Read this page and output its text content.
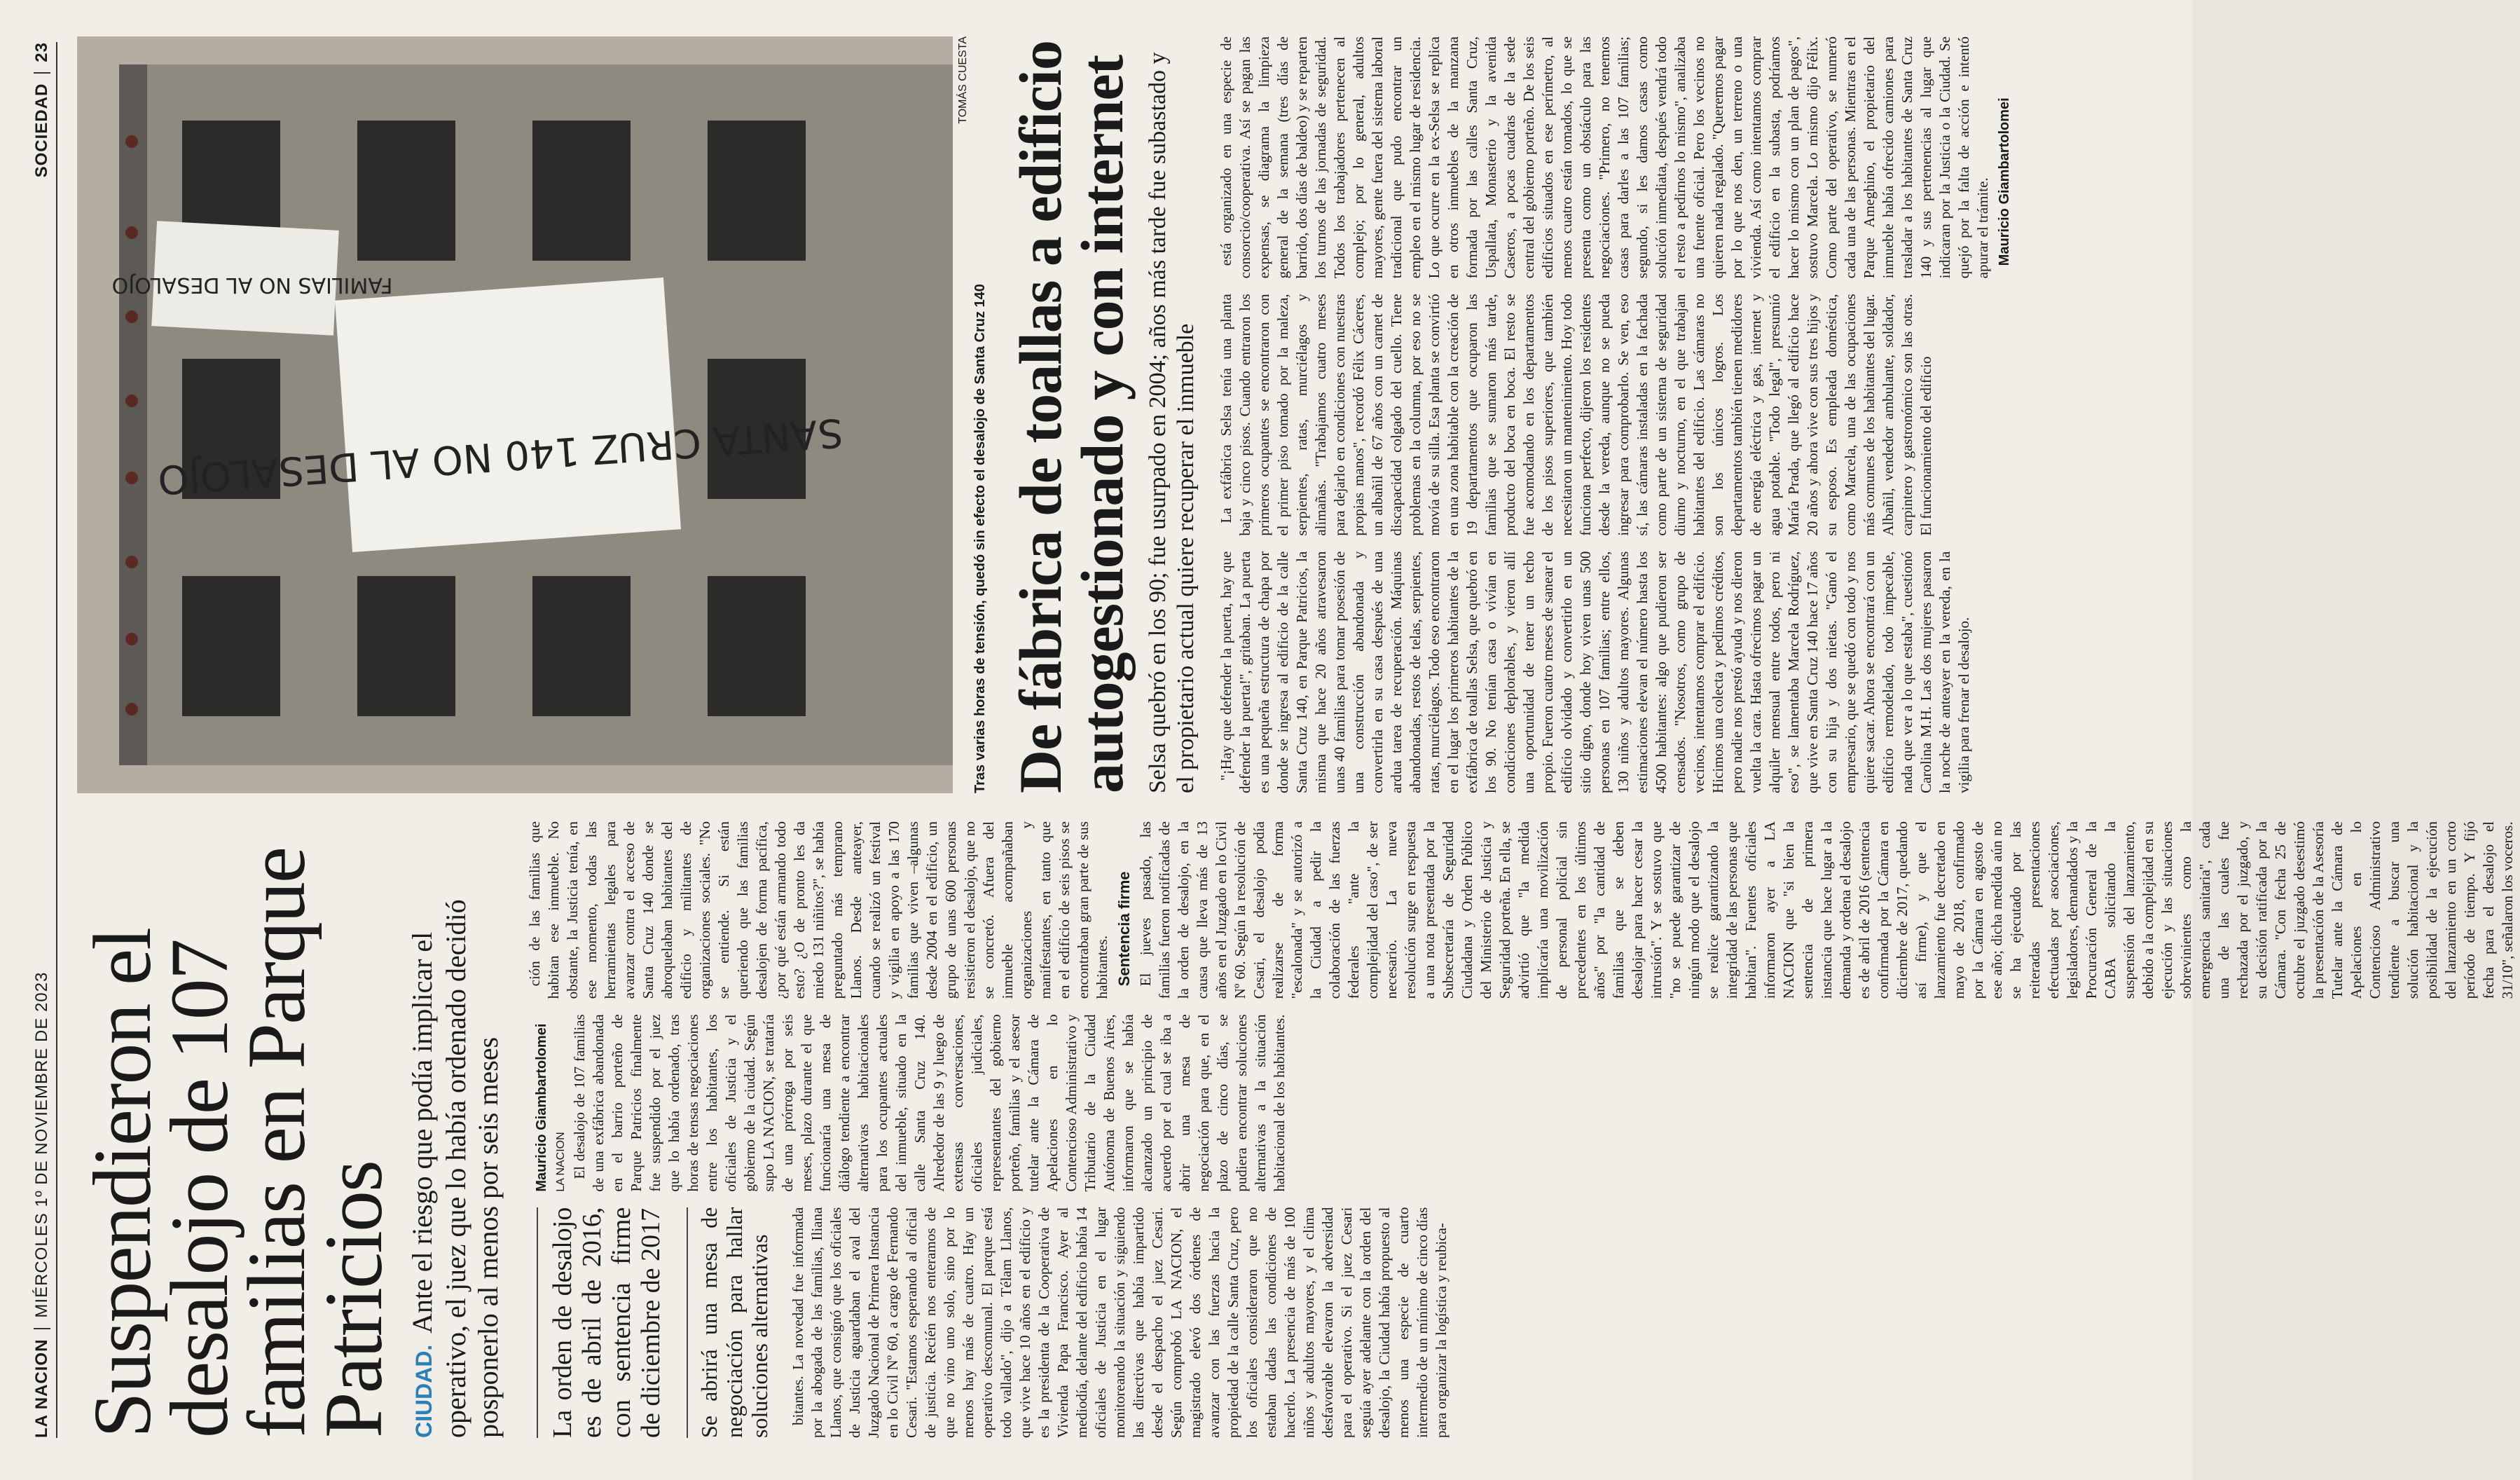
LA NACION
MIÉRCOLES 1º DE NOVIEMBRE DE 2023
SOCIEDAD
23
Suspendieron el desalojo de 107 familias en Parque Patricios CIUDAD. Ante el riesgo que podía implicar el operativo, el juez que lo había ordenado decidió posponerlo al menos por seis meses	La orden de desalojo es de abril de 2016, con sentencia firme de diciembre de 2017	Se abrirá una mesa de negociación para hallar soluciones alternativas bitantes. La novedad fue informada por la abogada de las familias, Iliana Llanos, que consignó que los oficiales de Justicia aguardaban el aval del Juzgado Nacional de Primera Instancia en lo Civil Nº 60, a cargo de Fernando Cesari. "Estamos esperando al oficial de justicia. Recién nos enteramos de que no vino uno solo, sino por lo menos hay más de cuatro. Hay un operativo descomunal. El parque está todo vallado", dijo a Télam Llanos, que vive hace 10 años en el edificio y es la presidenta de la Cooperativa de Vivienda Papa Francisco. Ayer al mediodía, delante del edificio había 14 oficiales de Justicia en el lugar monitoreando la situación y siguiendo las directivas que había impartido desde el despacho el juez Cesari. Según comprobó LA NACION, el magistrado elevó dos órdenes de avanzar con las fuerzas hacia la propiedad de la calle Santa Cruz, pero los oficiales consideraron que no estaban dadas las condiciones de hacerlo. La presencia de más de 100 niños y adultos mayores, y el clima desfavorable elevaron la adversidad para el operativo. Si el juez Cesari seguía ayer adelante con la orden del desalojo, la Ciudad había propuesto al menos una especie de cuarto intermedio de un mínimo de cinco días para organizar la logística y reubica-

Mauricio Giambartolomei LA NACION El desalojo de 107 familias de una exfábrica abandonada en el barrio porteño de Parque Patricios finalmente fue suspendido por el juez que lo había ordenado, tras horas de tensas negociaciones entre los habitantes, los oficiales de Justicia y el gobierno de la ciudad. Según supo LA NACION, se trataría de una prórroga por seis meses, plazo durante el que funcionaría una mesa de diálogo tendiente a encontrar alternativas habitacionales para los ocupantes actuales del inmueble, situado en la calle Santa Cruz 140. Alrededor de las 9 y luego de extensas conversaciones, oficiales judiciales, representantes del gobierno porteño, familias y el asesor tutelar ante la Cámara de Apelaciones en lo Contencioso Administrativo y Tributario de la Ciudad Autónoma de Buenos Aires, informaron que se había alcanzado un principio de acuerdo por el cual se iba a abrir una mesa de negociación para que, en el plazo de cinco días, se pudiera encontrar soluciones alternativas a la situación habitacional de los habitantes.

ción de las familias que habitan ese inmueble. No obstante, la Justicia tenía, en ese momento, todas las herramientas legales para avanzar contra el acceso de Santa Cruz 140 donde se abroquelaban habitantes del edificio y militantes de organizaciones sociales. "No se entiende. Si están queriendo que las familias desalojen de forma pacífica, ¿por qué están armando todo esto? ¿O de pronto les da miedo 131 niñitos?", se había preguntado más temprano Llanos. Desde anteayer, cuando se realizó un festival y vigilia en apoyo a las 170 familias que viven –algunas desde 2004 en el edificio, un grupo de unas 600 personas resistieron el desalojo, que no se concretó. Afuera del inmueble acompañaban organizaciones y manifestantes, en tanto que en el edificio de seis pisos se encontraban gran parte de sus habitantes. Sentencia firme El jueves pasado, las familias fueron notificadas de la orden de desalojo, en la causa que lleva más de 13 años en el Juzgado en lo Civil Nº 60. Según la resolución de Cesari, el desalojo podía realizarse de forma "escalonada" y se autorizó a la Ciudad a pedir la colaboración de las fuerzas federales "ante la complejidad del caso", de ser necesario. La nueva resolución surge en respuesta a una nota presentada por la Subsecretaría de Seguridad Ciudadana y Orden Público del Ministerio de Justicia y Seguridad porteña. En ella, se advirtió que "la medida implicaría una movilización de personal policial sin precedentes en los últimos años" por "la cantidad de familias que se deben desalojar para hacer cesar la intrusión". Y se sostuvo que "no se puede garantizar de ningún modo que el desalojo se realice garantizando la integridad de las personas que habitan". Fuentes oficiales informaron ayer a LA NACION que "si bien la sentencia de primera instancia que hace lugar a la demanda y ordena el desalojo es de abril de 2016 (sentencia confirmada por la Cámara en diciembre de 2017, quedando así firme), y que el lanzamiento fue decretado en mayo de 2018, confirmado por la Cámara en agosto de ese año; dicha medida aún no se ha ejecutado por las reiteradas presentaciones efectuadas por asociaciones, legisladores, demandados y la Procuración General de la CABA solicitando la suspensión del lanzamiento, debido a la complejidad en su ejecución y las situaciones sobrevinientes como la emergencia sanitaria", cada una de las cuales fue rechazada por el juzgado, y su decisión ratificada por la Cámara. "Con fecha 25 de octubre el juzgado desestimó la presentación de la Asesoría Tutelar ante la Cámara de Apelaciones en lo Contencioso Administrativo tendiente a buscar una solución habitacional y la posibilidad de la ejecución del lanzamiento en un corto período de tiempo. Y fijó fecha para el desalojo el 31/10", señalaron los voceros.

SANTA CRUZ 140 NO AL DESALOJO
FAMILIAS NO AL DESALOJO
TOMÁS CUESTA
Tras varias horas de tensión, quedó sin efecto el desalojo de Santa Cruz 140 De fábrica de toallas a edificio autogestionado y con internet Selsa quebró en los 90; fue usurpado en 2004; años más tarde fue subastado y el propietario actual quiere recuperar el inmueble "¡Hay que defender la puerta, hay que defender la puerta!", gritaban. La puerta es una pequeña estructura de chapa por donde se ingresa al edificio de la calle Santa Cruz 140, en Parque Patricios, la misma que hace 20 años atravesaron unas 40 familias para tomar posesión de una construcción abandonada y convertirla en su casa después de una ardua tarea de recuperación. Máquinas abandonadas, restos de telas, serpientes, ratas, murciélagos. Todo eso encontraron en el lugar los primeros habitantes de la exfábrica de toallas Selsa, que quebró en los 90. No tenían casa o vivían en condiciones deplorables, y vieron allí una oportunidad de tener un techo propio. Fueron cuatro meses de sanear el edificio olvidado y convertirlo en un sitio digno, donde hoy viven unas 500 personas en 107 familias; entre ellos, 130 niños y adultos mayores. Algunas estimaciones elevan el número hasta los 4500 habitantes: algo que pudieron ser censados. "Nosotros, como grupo de vecinos, intentamos comprar el edificio. Hicimos una colecta y pedimos créditos, pero nadie nos prestó ayuda y nos dieron vuelta la cara. Hasta ofrecimos pagar un alquiler mensual entre todos, pero ni eso", se lamentaba Marcela Rodríguez, que vive en Santa Cruz 140 hace 17 años con su hija y dos nietas. "Ganó el empresario, que se quedó con todo y nos quiere sacar. Ahora se encontrará con un edificio remodelado, todo impecable, nada que ver a lo que estaba", cuestionó Carolina M.H. Las dos mujeres pasaron la noche de anteayer en la vereda, en la vigilia para frenar el desalojo.

La exfábrica Selsa tenía una planta baja y cinco pisos. Cuando entraron los primeros ocupantes se encontraron con el primer piso tomado por la maleza, serpientes, ratas, murciélagos y alimañas. "Trabajamos cuatro meses para dejarlo en condiciones con nuestras propias manos", recordó Félix Cáceres, un albañil de 67 años con un carnet de discapacidad colgado del cuello. Tiene problemas en la columna, por eso no se movía de su silla. Esa planta se convirtió en una zona habitable con la creación de 19 departamentos que ocuparon las familias que se sumaron más tarde, producto del boca en boca. El resto se fue acomodando en los departamentos de los pisos superiores, que también necesitaron un mantenimiento. Hoy todo funciona perfecto, dijeron los residentes desde la vereda, aunque no se pueda ingresar para comprobarlo. Se ven, eso sí, las cámaras instaladas en la fachada como parte de un sistema de seguridad diurno y nocturno, en el que trabajan habitantes del edificio. Las cámaras no son los únicos logros. Los departamentos también tienen medidores de energía eléctrica y gas, internet y agua potable. "Todo legal", presumió María Prada, que llegó al edificio hace 20 años y ahora vive con sus tres hijos y su esposo. Es empleada doméstica, como Marcela, una de las ocupaciones más comunes de los habitantes del lugar. Albañil, vendedor ambulante, soldador, carpintero y gastronómico son las otras. El funcionamiento del edificio

está organizado en una especie de consorcio/cooperativa. Así se pagan las expensas, se diagrama la limpieza general de la semana (tres días de barrido, dos días de baldeo) y se reparten los turnos de las jornadas de seguridad. Todos los trabajadores pertenecen al complejo; por lo general, adultos mayores, gente fuera del sistema laboral tradicional que pudo encontrar un empleo en el mismo lugar de residencia. Lo que ocurre en la ex-Selsa se replica en otros inmuebles de la manzana formada por las calles Santa Cruz, Uspallata, Monasterio y la avenida Caseros, a pocas cuadras de la sede central del gobierno porteño. De los seis edificios situados en ese perímetro, al menos cuatro están tomados, lo que se presenta como un obstáculo para las negociaciones. "Primero, no tenemos casas para darles a las 107 familias; segundo, si les damos casas como solución inmediata, después vendrá todo el resto a pedirnos lo mismo", analizaba una fuente oficial. Pero los vecinos no quieren nada regalado. "Queremos pagar por lo que nos den, un terreno o una vivienda. Así como intentamos comprar el edificio en la subasta, podríamos hacer lo mismo con un plan de pagos", sostuvo Marcela. Lo mismo dijo Félix. Como parte del operativo, se numeró cada una de las personas. Mientras en el Parque Ameghino, el propietario del inmueble había ofrecido camiones para trasladar a los habitantes de Santa Cruz 140 y sus pertenencias al lugar que indicaran por la Justicia o la Ciudad. Se quejó por la falta de acción e intentó apurar el trámite. Mauricio Giambartolomei
